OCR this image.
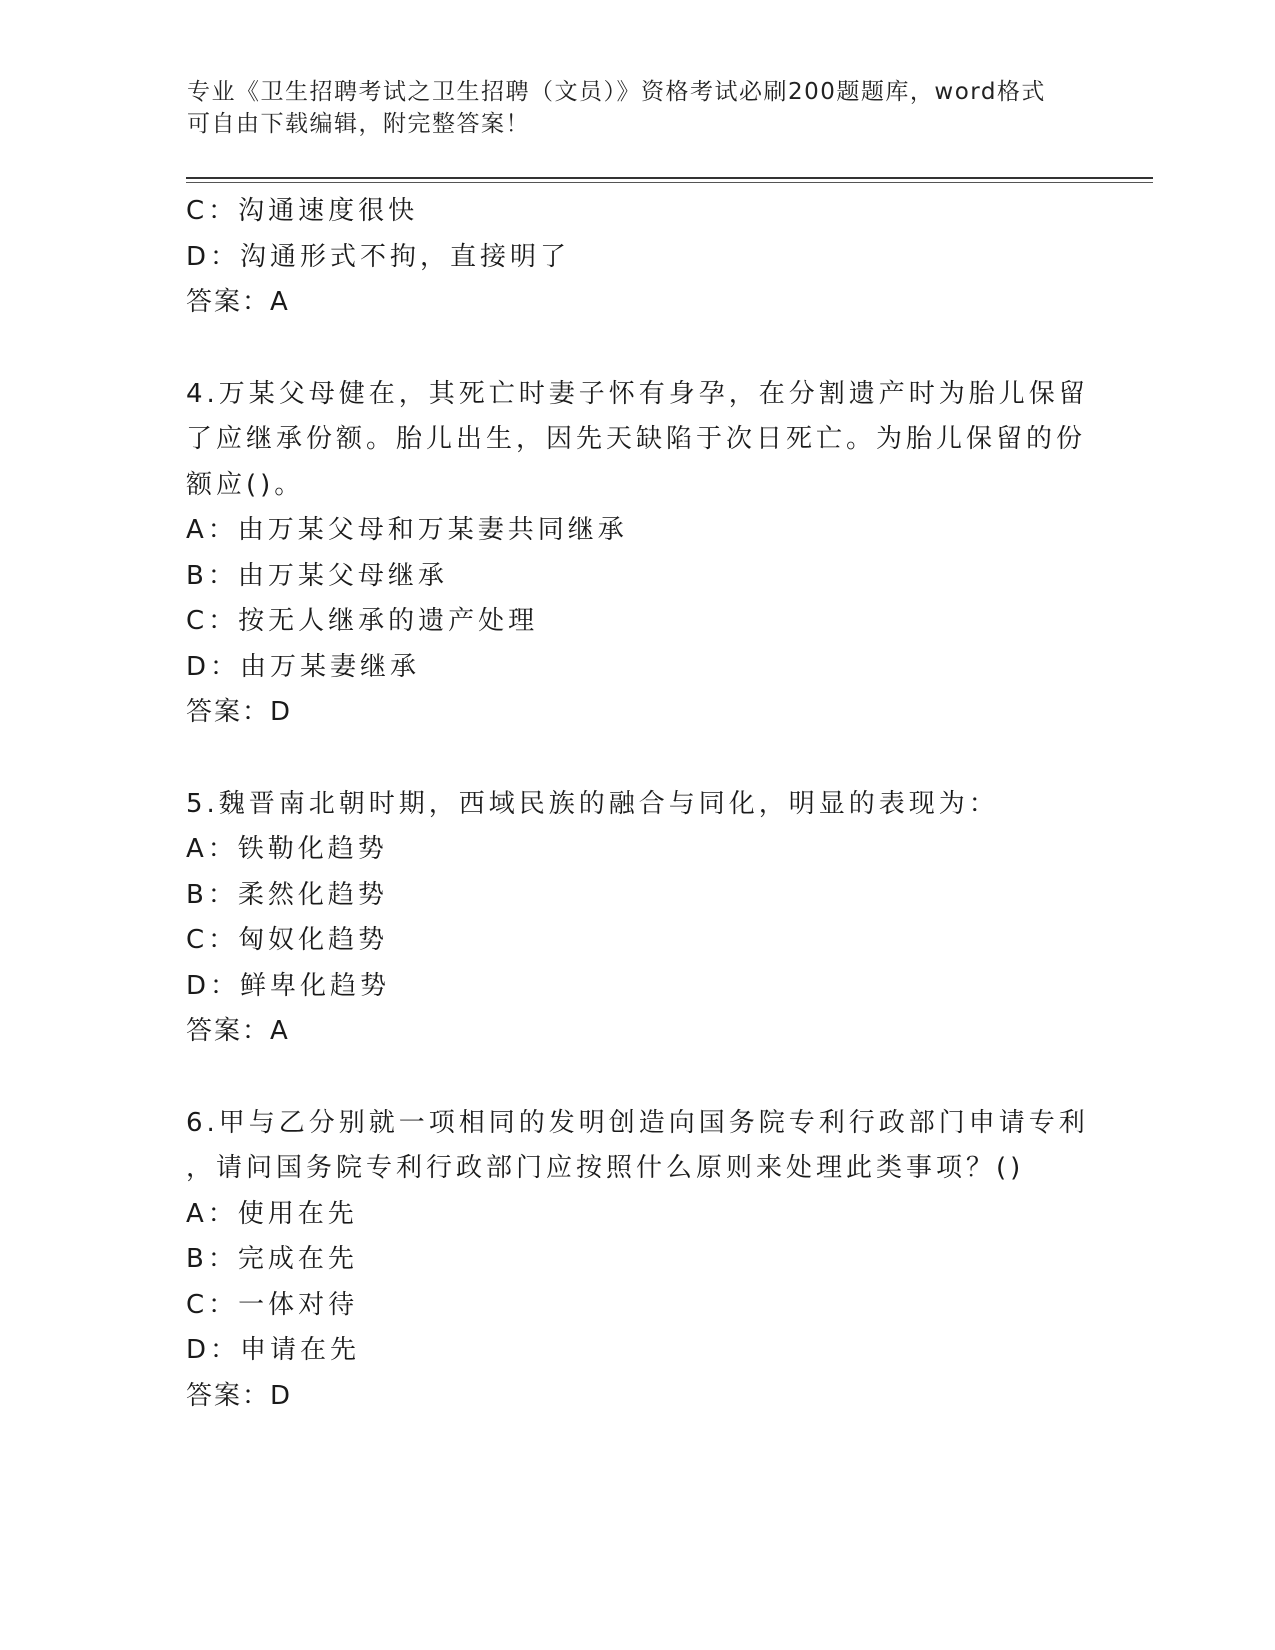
专业《卫生招聘考试之卫生招聘（文员）》资格考试必刷200题题库，word格式
可自由下载编辑，附完整答案！
C：沟通速度很快
D：沟通形式不拘，直接明了
答案：A
4.万某父母健在，其死亡时妻子怀有身孕，在分割遗产时为胎儿保留
了应继承份额。胎儿出生，因先天缺陷于次日死亡。为胎儿保留的份
额应()。
A：由万某父母和万某妻共同继承
B：由万某父母继承
C：按无人继承的遗产处理
D：由万某妻继承
答案：D
5.魏晋南北朝时期，西域民族的融合与同化，明显的表现为：
A：铁勒化趋势
B：柔然化趋势
C：匈奴化趋势
D：鲜卑化趋势
答案：A
6.甲与乙分别就一项相同的发明创造向国务院专利行政部门申请专利
，请问国务院专利行政部门应按照什么原则来处理此类事项？()
A：使用在先
B：完成在先
C：一体对待
D：申请在先
答案：D
